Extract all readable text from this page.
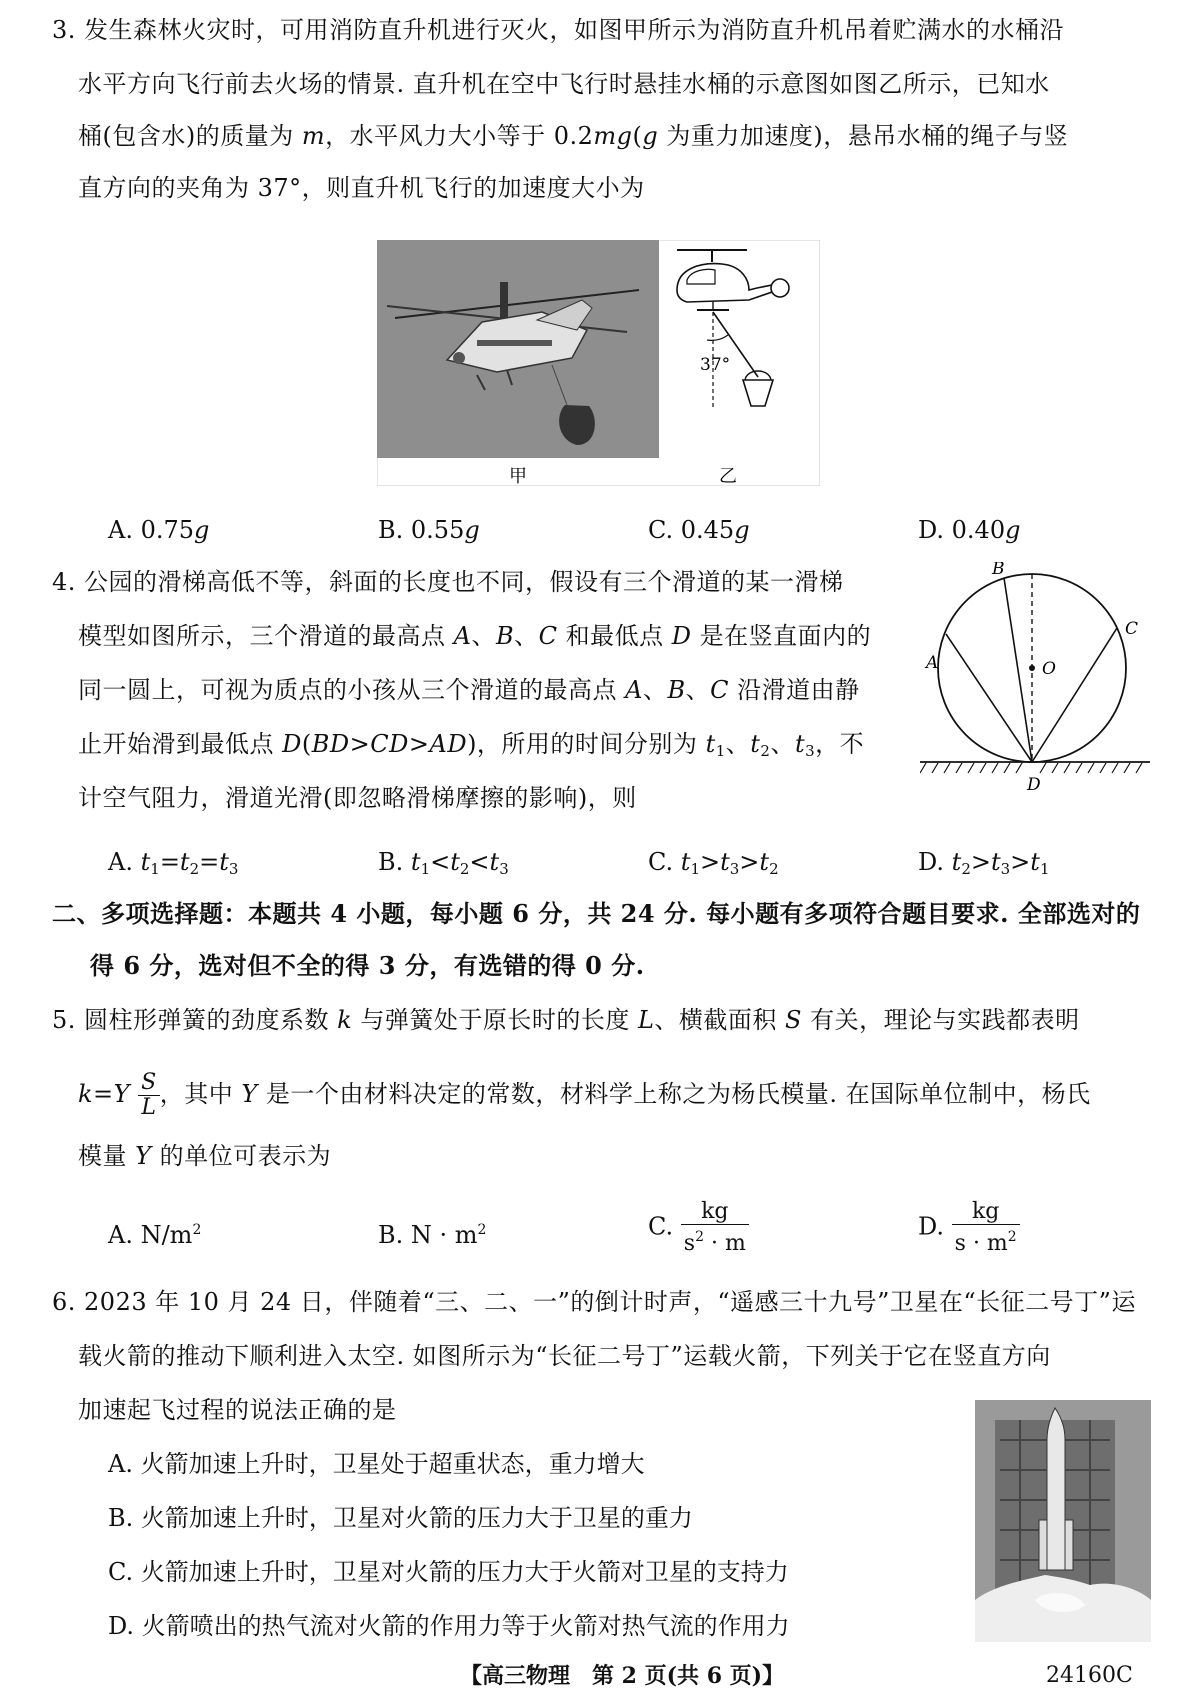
3. 发生森林火灾时，可用消防直升机进行灭火，如图甲所示为消防直升机吊着贮满水的水桶沿
水平方向飞行前去火场的情景. 直升机在空中飞行时悬挂水桶的示意图如图乙所示，已知水
桶(包含水)的质量为 m，水平风力大小等于 0.2mg(g 为重力加速度)，悬吊水桶的绳子与竖
直方向的夹角为 37°，则直升机飞行的加速度大小为
37°
甲	乙
A. 0.75g	B. 0.55g	C. 0.45g	D. 0.40g
4. 公园的滑梯高低不等，斜面的长度也不同，假设有三个滑道的某一滑梯
模型如图所示，三个滑道的最高点 A、B、C 和最低点 D 是在竖直面内的
同一圆上，可视为质点的小孩从三个滑道的最高点 A、B、C 沿滑道由静
止开始滑到最低点 D(BD>CD>AD)，所用的时间分别为 $t_1$、$t_2$、$t_3$，不
计空气阻力，滑道光滑(即忽略滑梯摩擦的影响)，则
B
C
A	O
D
A. $t_1=t_2=t_3$	B. $t_1<t_2<t_3$	C. $t_1>t_3>t_2$	D. $t_2>t_3>t_1$
二、多项选择题：本题共 4 小题，每小题 6 分，共 24 分. 每小题有多项符合题目要求. 全部选对的
得 6 分，选对但不全的得 3 分，有选错的得 0 分.
5. 圆柱形弹簧的劲度系数 k 与弹簧处于原长时的长度 L、横截面积 S 有关，理论与实践都表明
$k=Y \frac{S}{L}$ ，其中 Y 是一个由材料决定的常数，材料学上称之为杨氏模量. 在国际单位制中，杨氏
模量 Y 的单位可表示为
A. $N/m^2$	B. $N \cdot m^2$	C. $\frac{kg}{s^2 \cdot m}$	D. $\frac{kg}{s \cdot m^2}$
6. 2023 年 10 月 24 日，伴随着“三、二、一”的倒计时声，“遥感三十九号”卫星在“长征二号丁”运
载火箭的推动下顺利进入太空. 如图所示为“长征二号丁”运载火箭，下列关于它在竖直方向
加速起飞过程的说法正确的是
A. 火箭加速上升时，卫星处于超重状态，重力增大
B. 火箭加速上升时，卫星对火箭的压力大于卫星的重力
C. 火箭加速上升时，卫星对火箭的压力大于火箭对卫星的支持力
D. 火箭喷出的热气流对火箭的作用力等于火箭对热气流的作用力
【高三物理　第 2 页(共 6 页)】	24160C
